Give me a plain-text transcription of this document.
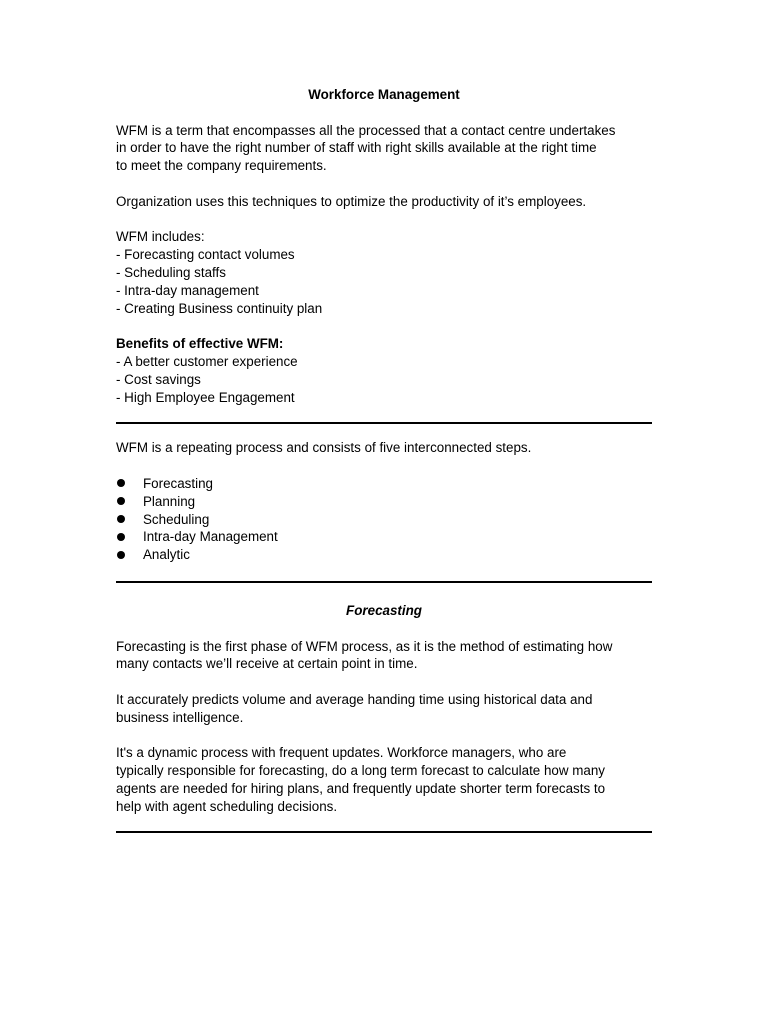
Workforce Management

WFM is a term that encompasses all the processed that a contact centre undertakes
in order to have the right number of staff with right skills available at the right time
to meet the company requirements.

Organization uses this techniques to optimize the productivity of it’s employees.

WFM includes:
- Forecasting contact volumes
- Scheduling staffs
- Intra-day management
- Creating Business continuity plan

Benefits of effective WFM:
- A better customer experience
- Cost savings
- High Employee Engagement

WFM is a repeating process and consists of five interconnected steps.

Forecasting
Planning
Scheduling
Intra-day Management
Analytic
Forecasting

Forecasting is the first phase of WFM process, as it is the method of estimating how
many contacts we’ll receive at certain point in time.

It accurately predicts volume and average handing time using historical data and
business intelligence.

It's a dynamic process with frequent updates. Workforce managers, who are
typically responsible for forecasting, do a long term forecast to calculate how many
agents are needed for hiring plans, and frequently update shorter term forecasts to
help with agent scheduling decisions.
